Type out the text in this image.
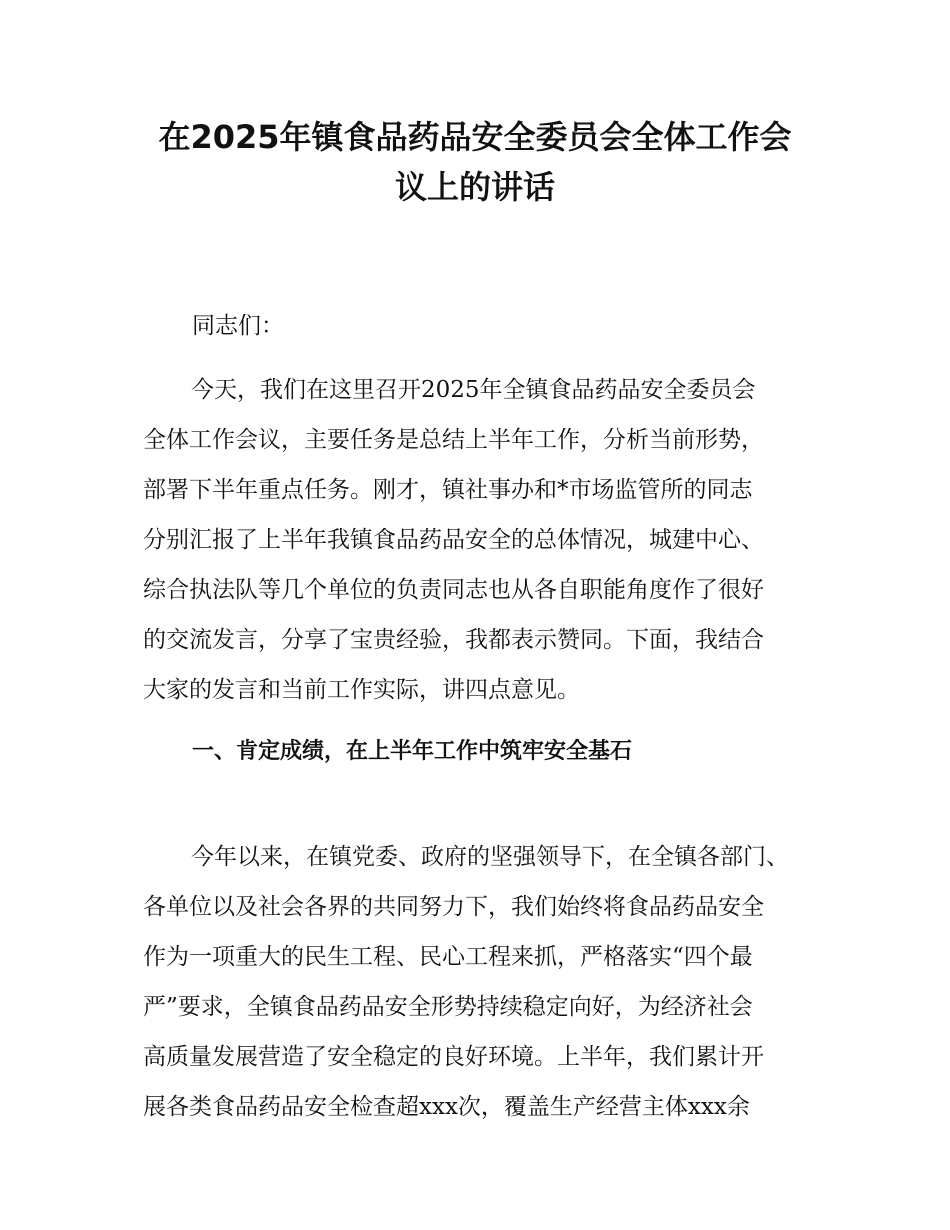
在2025年镇食品药品安全委员会全体工作会
议上的讲话
同志们：
今天，我们在这里召开2025年全镇食品药品安全委员会
全体工作会议，主要任务是总结上半年工作，分析当前形势，
部署下半年重点任务。刚才，镇社事办和*市场监管所的同志
分别汇报了上半年我镇食品药品安全的总体情况，城建中心、
综合执法队等几个单位的负责同志也从各自职能角度作了很好
的交流发言，分享了宝贵经验，我都表示赞同。下面，我结合
大家的发言和当前工作实际，讲四点意见。
一、肯定成绩，在上半年工作中筑牢安全基石
今年以来，在镇党委、政府的坚强领导下，在全镇各部门、
各单位以及社会各界的共同努力下，我们始终将食品药品安全
作为一项重大的民生工程、民心工程来抓，严格落实“四个最
严”要求，全镇食品药品安全形势持续稳定向好，为经济社会
高质量发展营造了安全稳定的良好环境。上半年，我们累计开
展各类食品药品安全检查超xxx次，覆盖生产经营主体xxx余
